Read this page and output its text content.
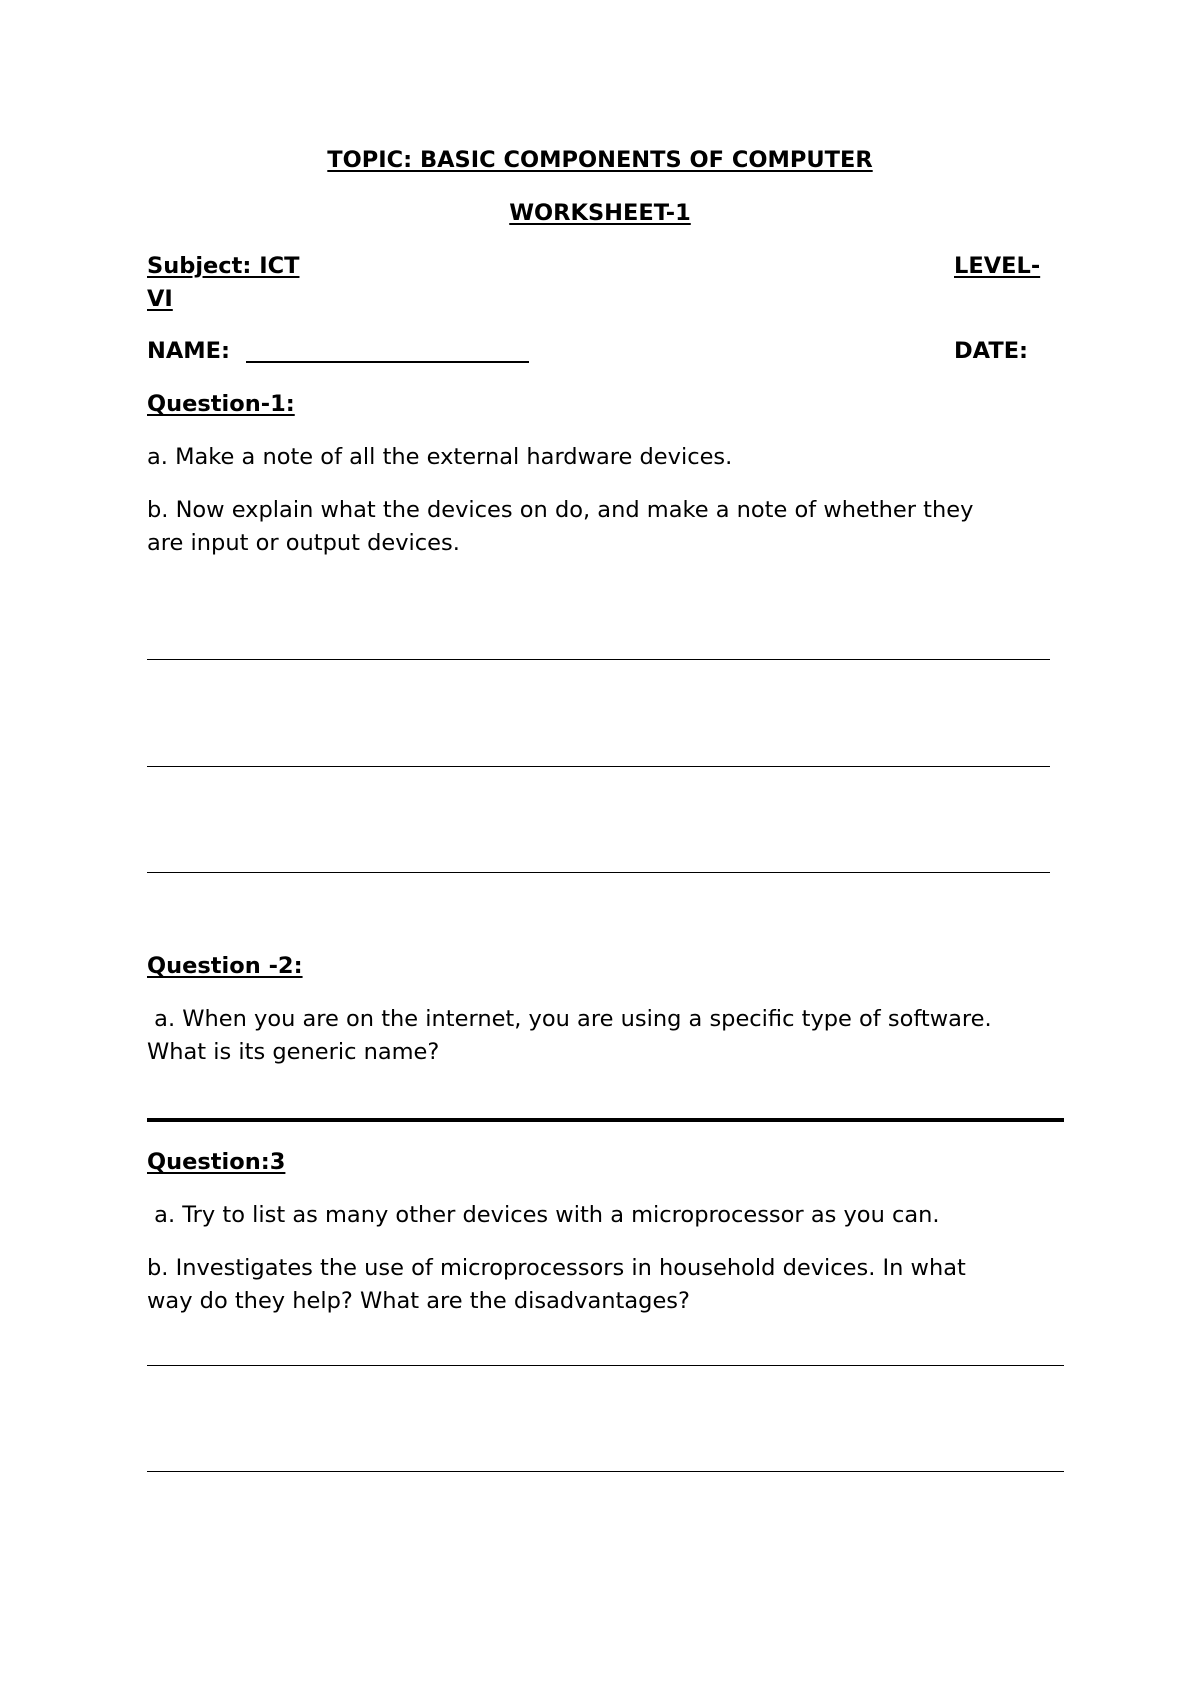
TOPIC: BASIC COMPONENTS OF COMPUTER
WORKSHEET-1
Subject: ICT	LEVEL-
VI
NAME:	DATE:
Question-1:
a. Make a note of all the external hardware devices.
b. Now explain what the devices on do, and make a note of whether they
are input or output devices.
Question -2:
a. When you are on the internet, you are using a specific type of software.
What is its generic name?
Question:3
a. Try to list as many other devices with a microprocessor as you can.
b. Investigates the use of microprocessors in household devices. In what
way do they help? What are the disadvantages?
